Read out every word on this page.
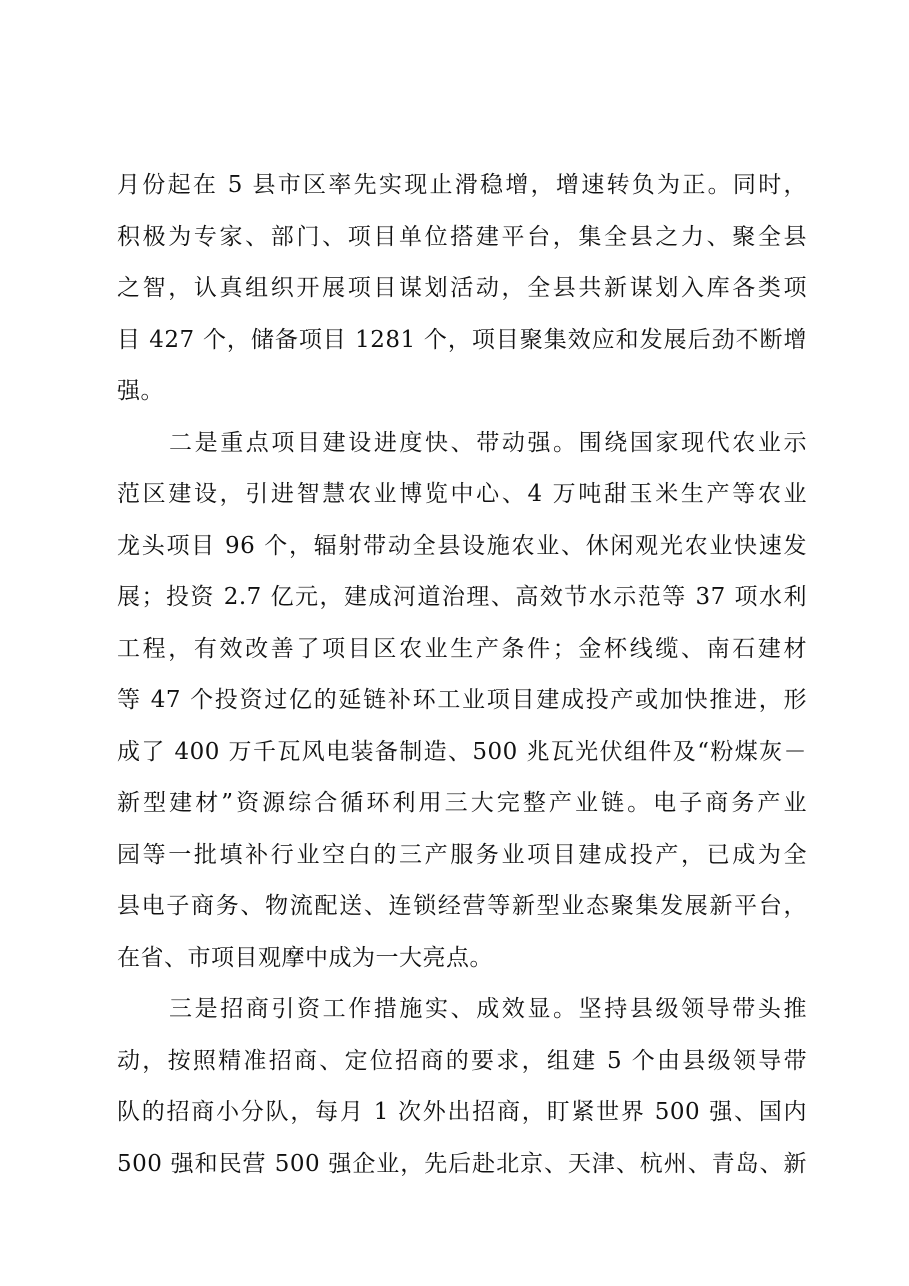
月份起在 5 县市区率先实现止滑稳增，增速转负为正。同时，
积极为专家、部门、项目单位搭建平台，集全县之力、聚全县
之智，认真组织开展项目谋划活动，全县共新谋划入库各类项
目 427 个，储备项目 1281 个，项目聚集效应和发展后劲不断增
强。
二是重点项目建设进度快、带动强。围绕国家现代农业示
范区建设，引进智慧农业博览中心、4 万吨甜玉米生产等农业
龙头项目 96 个，辐射带动全县设施农业、休闲观光农业快速发
展；投资 2.7 亿元，建成河道治理、高效节水示范等 37 项水利
工程，有效改善了项目区农业生产条件；金杯线缆、南石建材
等 47 个投资过亿的延链补环工业项目建成投产或加快推进，形
成了 400 万千瓦风电装备制造、500 兆瓦光伏组件及“粉煤灰－
新型建材”资源综合循环利用三大完整产业链。电子商务产业
园等一批填补行业空白的三产服务业项目建成投产，已成为全
县电子商务、物流配送、连锁经营等新型业态聚集发展新平台，
在省、市项目观摩中成为一大亮点。
三是招商引资工作措施实、成效显。坚持县级领导带头推
动，按照精准招商、定位招商的要求，组建 5 个由县级领导带
队的招商小分队，每月 1 次外出招商，盯紧世界 500 强、国内
500 强和民营 500 强企业，先后赴北京、天津、杭州、青岛、新
